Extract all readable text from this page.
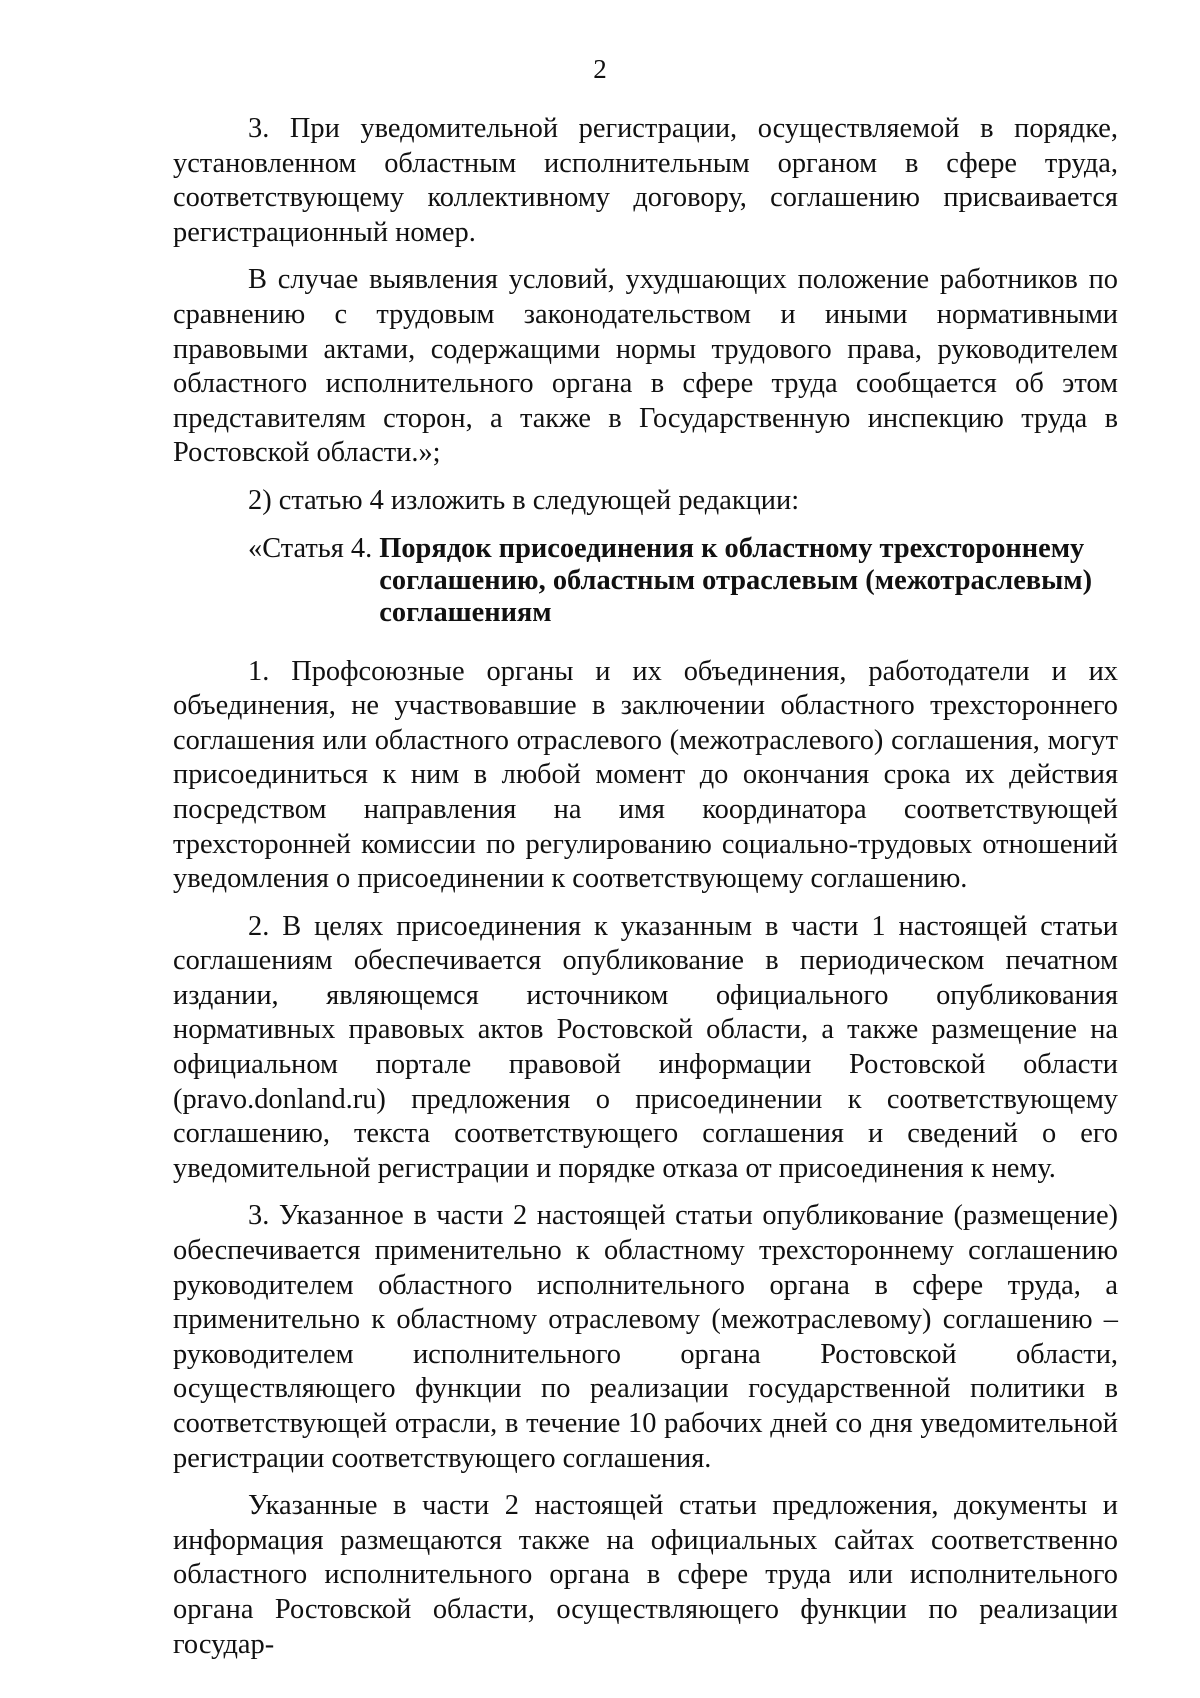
2

3. При уведомительной регистрации, осуществляемой в порядке, установленном областным исполнительным органом в сфере труда, соответствующему коллективному договору, соглашению присваивается регистрационный номер.

В случае выявления условий, ухудшающих положение работников по сравнению с трудовым законодательством и иными нормативными правовыми актами, содержащими нормы трудового права, руководителем областного исполнительного органа в сфере труда сообщается об этом представителям сторон, а также в Государственную инспекцию труда в Ростовской области.»;

2) статью 4 изложить в следующей редакции:

«Статья 4. Порядок присоединения к областному трехстороннему соглашению, областным отраслевым (межотраслевым) соглашениям

1. Профсоюзные органы и их объединения, работодатели и их объединения, не участвовавшие в заключении областного трехстороннего соглашения или областного отраслевого (межотраслевого) соглашения, могут присоединиться к ним в любой момент до окончания срока их действия посредством направления на имя координатора соответствующей трехсторонней комиссии по регулированию социально-трудовых отношений уведомления о присоединении к соответствующему соглашению.

2. В целях присоединения к указанным в части 1 настоящей статьи соглашениям обеспечивается опубликование в периодическом печатном издании, являющемся источником официального опубликования нормативных правовых актов Ростовской области, а также размещение на официальном портале правовой информации Ростовской области (pravo.donland.ru) предложения о присоединении к соответствующему соглашению, текста соответствующего соглашения и сведений о его уведомительной регистрации и порядке отказа от присоединения к нему.

3. Указанное в части 2 настоящей статьи опубликование (размещение) обеспечивается применительно к областному трехстороннему соглашению руководителем областного исполнительного органа в сфере труда, а применительно к областному отраслевому (межотраслевому) соглашению – руководителем исполнительного органа Ростовской области, осуществляющего функции по реализации государственной политики в соответствующей отрасли, в течение 10 рабочих дней со дня уведомительной регистрации соответствующего соглашения.

Указанные в части 2 настоящей статьи предложения, документы и информация размещаются также на официальных сайтах соответственно областного исполнительного органа в сфере труда или исполнительного органа Ростовской области, осуществляющего функции по реализации государ-
